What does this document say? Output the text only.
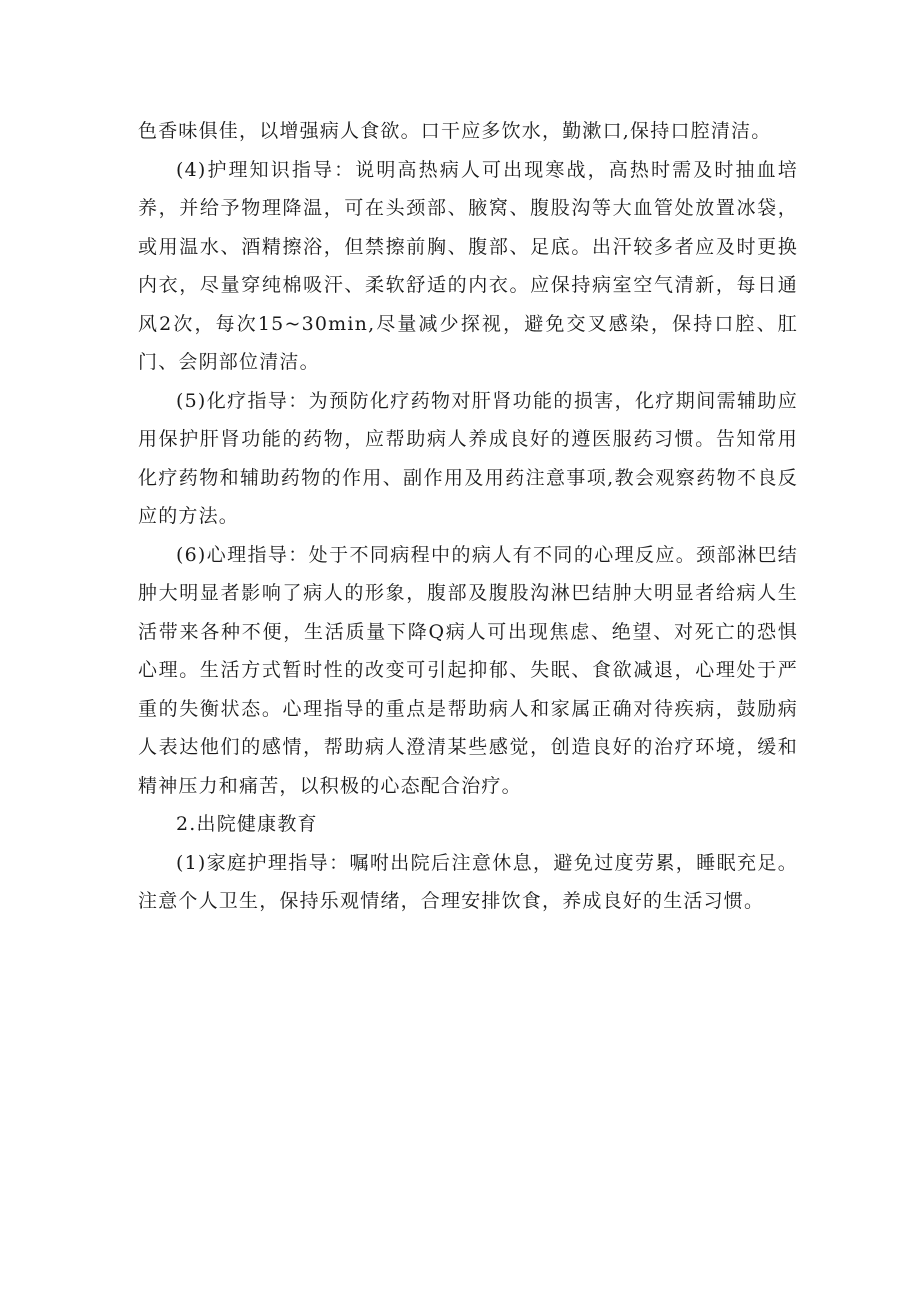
色香味俱佳，以增强病人食欲。口干应多饮水，勤漱口,保持口腔清洁。

(4)护理知识指导：说明高热病人可出现寒战，高热时需及时抽血培养，并给予物理降温，可在头颈部、腋窝、腹股沟等大血管处放置冰袋，或用温水、酒精擦浴，但禁擦前胸、腹部、足底。出汗较多者应及时更换内衣，尽量穿纯棉吸汗、柔软舒适的内衣。应保持病室空气清新，每日通风2次，每次15~30min,尽量减少探视，避免交叉感染，保持口腔、肛门、会阴部位清洁。

(5)化疗指导：为预防化疗药物对肝肾功能的损害，化疗期间需辅助应用保护肝肾功能的药物，应帮助病人养成良好的遵医服药习惯。告知常用化疗药物和辅助药物的作用、副作用及用药注意事项,教会观察药物不良反应的方法。

(6)心理指导：处于不同病程中的病人有不同的心理反应。颈部淋巴结肿大明显者影响了病人的形象，腹部及腹股沟淋巴结肿大明显者给病人生活带来各种不便，生活质量下降Q病人可出现焦虑、绝望、对死亡的恐惧心理。生活方式暂时性的改变可引起抑郁、失眠、食欲减退，心理处于严重的失衡状态。心理指导的重点是帮助病人和家属正确对待疾病，鼓励病人表达他们的感情，帮助病人澄清某些感觉，创造良好的治疗环境，缓和精神压力和痛苦，以积极的心态配合治疗。

2.出院健康教育

(1)家庭护理指导：嘱咐出院后注意休息，避免过度劳累，睡眠充足。注意个人卫生，保持乐观情绪，合理安排饮食，养成良好的生活习惯。
